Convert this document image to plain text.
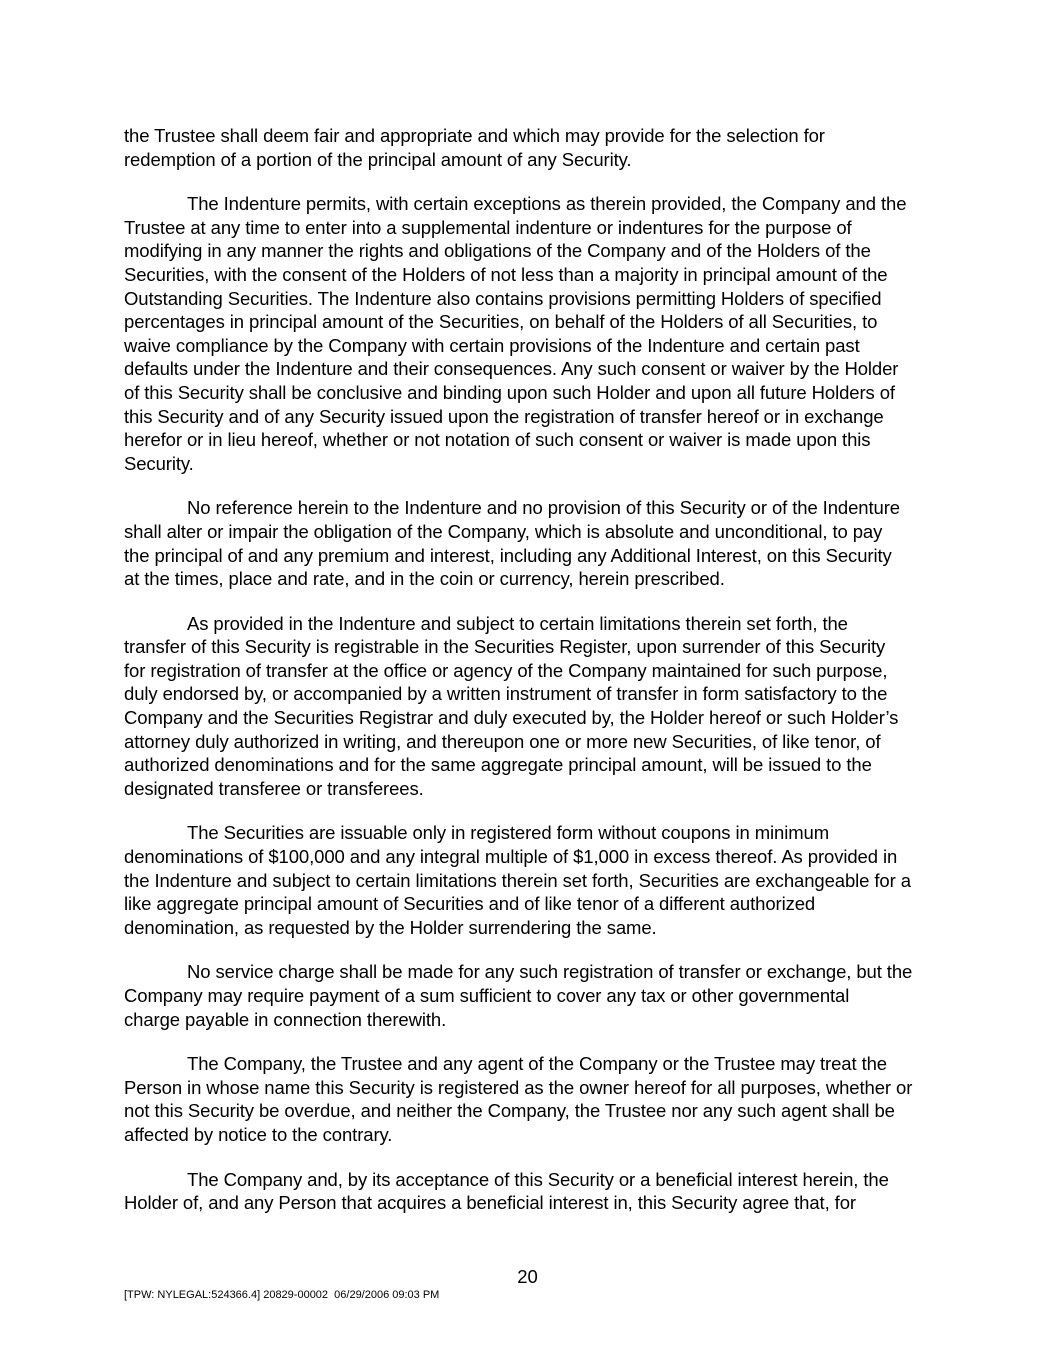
the Trustee shall deem fair and appropriate and which may provide for the selection for
redemption of a portion of the principal amount of any Security.

The Indenture permits, with certain exceptions as therein provided, the Company and the
Trustee at any time to enter into a supplemental indenture or indentures for the purpose of
modifying in any manner the rights and obligations of the Company and of the Holders of the
Securities, with the consent of the Holders of not less than a majority in principal amount of the
Outstanding Securities. The Indenture also contains provisions permitting Holders of specified
percentages in principal amount of the Securities, on behalf of the Holders of all Securities, to
waive compliance by the Company with certain provisions of the Indenture and certain past
defaults under the Indenture and their consequences. Any such consent or waiver by the Holder
of this Security shall be conclusive and binding upon such Holder and upon all future Holders of
this Security and of any Security issued upon the registration of transfer hereof or in exchange
herefor or in lieu hereof, whether or not notation of such consent or waiver is made upon this
Security.

No reference herein to the Indenture and no provision of this Security or of the Indenture
shall alter or impair the obligation of the Company, which is absolute and unconditional, to pay
the principal of and any premium and interest, including any Additional Interest, on this Security
at the times, place and rate, and in the coin or currency, herein prescribed.

As provided in the Indenture and subject to certain limitations therein set forth, the
transfer of this Security is registrable in the Securities Register, upon surrender of this Security
for registration of transfer at the office or agency of the Company maintained for such purpose,
duly endorsed by, or accompanied by a written instrument of transfer in form satisfactory to the
Company and the Securities Registrar and duly executed by, the Holder hereof or such Holder’s
attorney duly authorized in writing, and thereupon one or more new Securities, of like tenor, of
authorized denominations and for the same aggregate principal amount, will be issued to the
designated transferee or transferees.

The Securities are issuable only in registered form without coupons in minimum
denominations of $100,000 and any integral multiple of $1,000 in excess thereof. As provided in
the Indenture and subject to certain limitations therein set forth, Securities are exchangeable for a
like aggregate principal amount of Securities and of like tenor of a different authorized
denomination, as requested by the Holder surrendering the same.

No service charge shall be made for any such registration of transfer or exchange, but the
Company may require payment of a sum sufficient to cover any tax or other governmental
charge payable in connection therewith.

The Company, the Trustee and any agent of the Company or the Trustee may treat the
Person in whose name this Security is registered as the owner hereof for all purposes, whether or
not this Security be overdue, and neither the Company, the Trustee nor any such agent shall be
affected by notice to the contrary.

The Company and, by its acceptance of this Security or a beneficial interest herein, the
Holder of, and any Person that acquires a beneficial interest in, this Security agree that, for

20
[TPW: NYLEGAL:524366.4] 20829-00002  06/29/2006 09:03 PM
